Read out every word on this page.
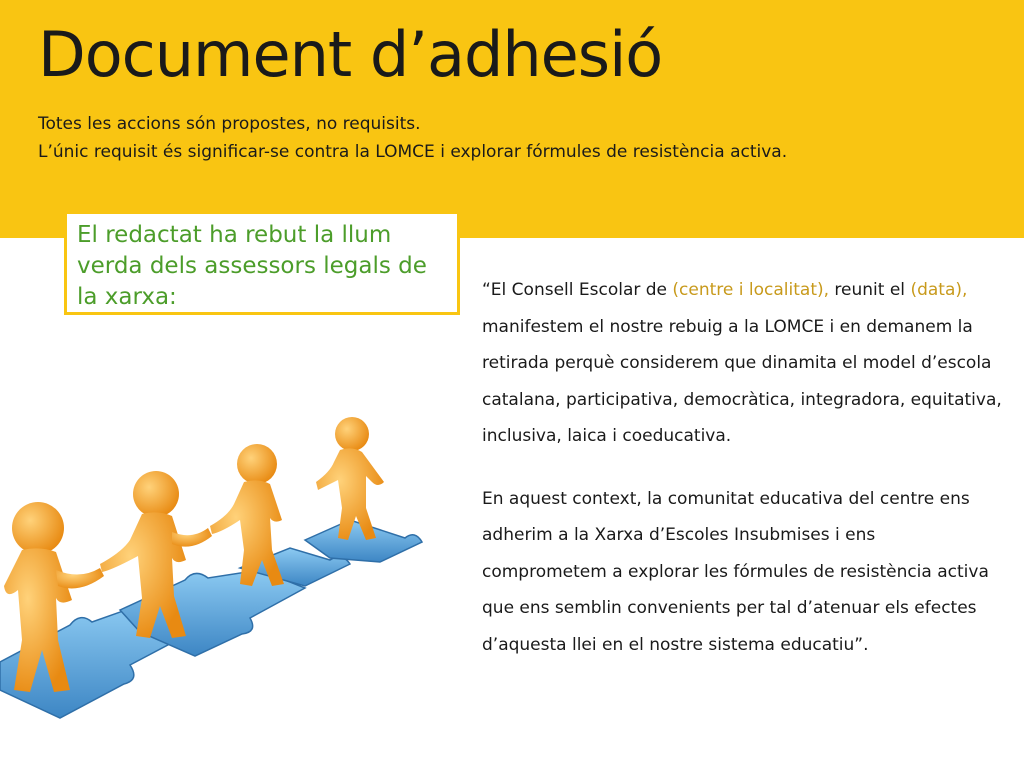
Document d’adhesió
Totes les accions són propostes, no requisits.
L’únic requisit és significar-se contra la LOMCE i explorar fórmules de resistència activa.
El redactat ha rebut la llum verda dels assessors legals de la xarxa:	“El Consell Escolar de (centre i localitat), reunit el (data), manifestem el nostre rebuig a la LOMCE i en demanem la retirada perquè considerem que dinamita el model d’escola catalana, participativa, democràtica, integradora, equitativa, inclusiva, laica i coeducativa.

En aquest context, la comunitat educativa del centre ens adherim a la Xarxa d’Escoles Insubmises i ens comprometem a explorar les fórmules de resistència activa que ens semblin convenients per tal d’atenuar els efectes d’aquesta llei en el nostre sistema educatiu”.
